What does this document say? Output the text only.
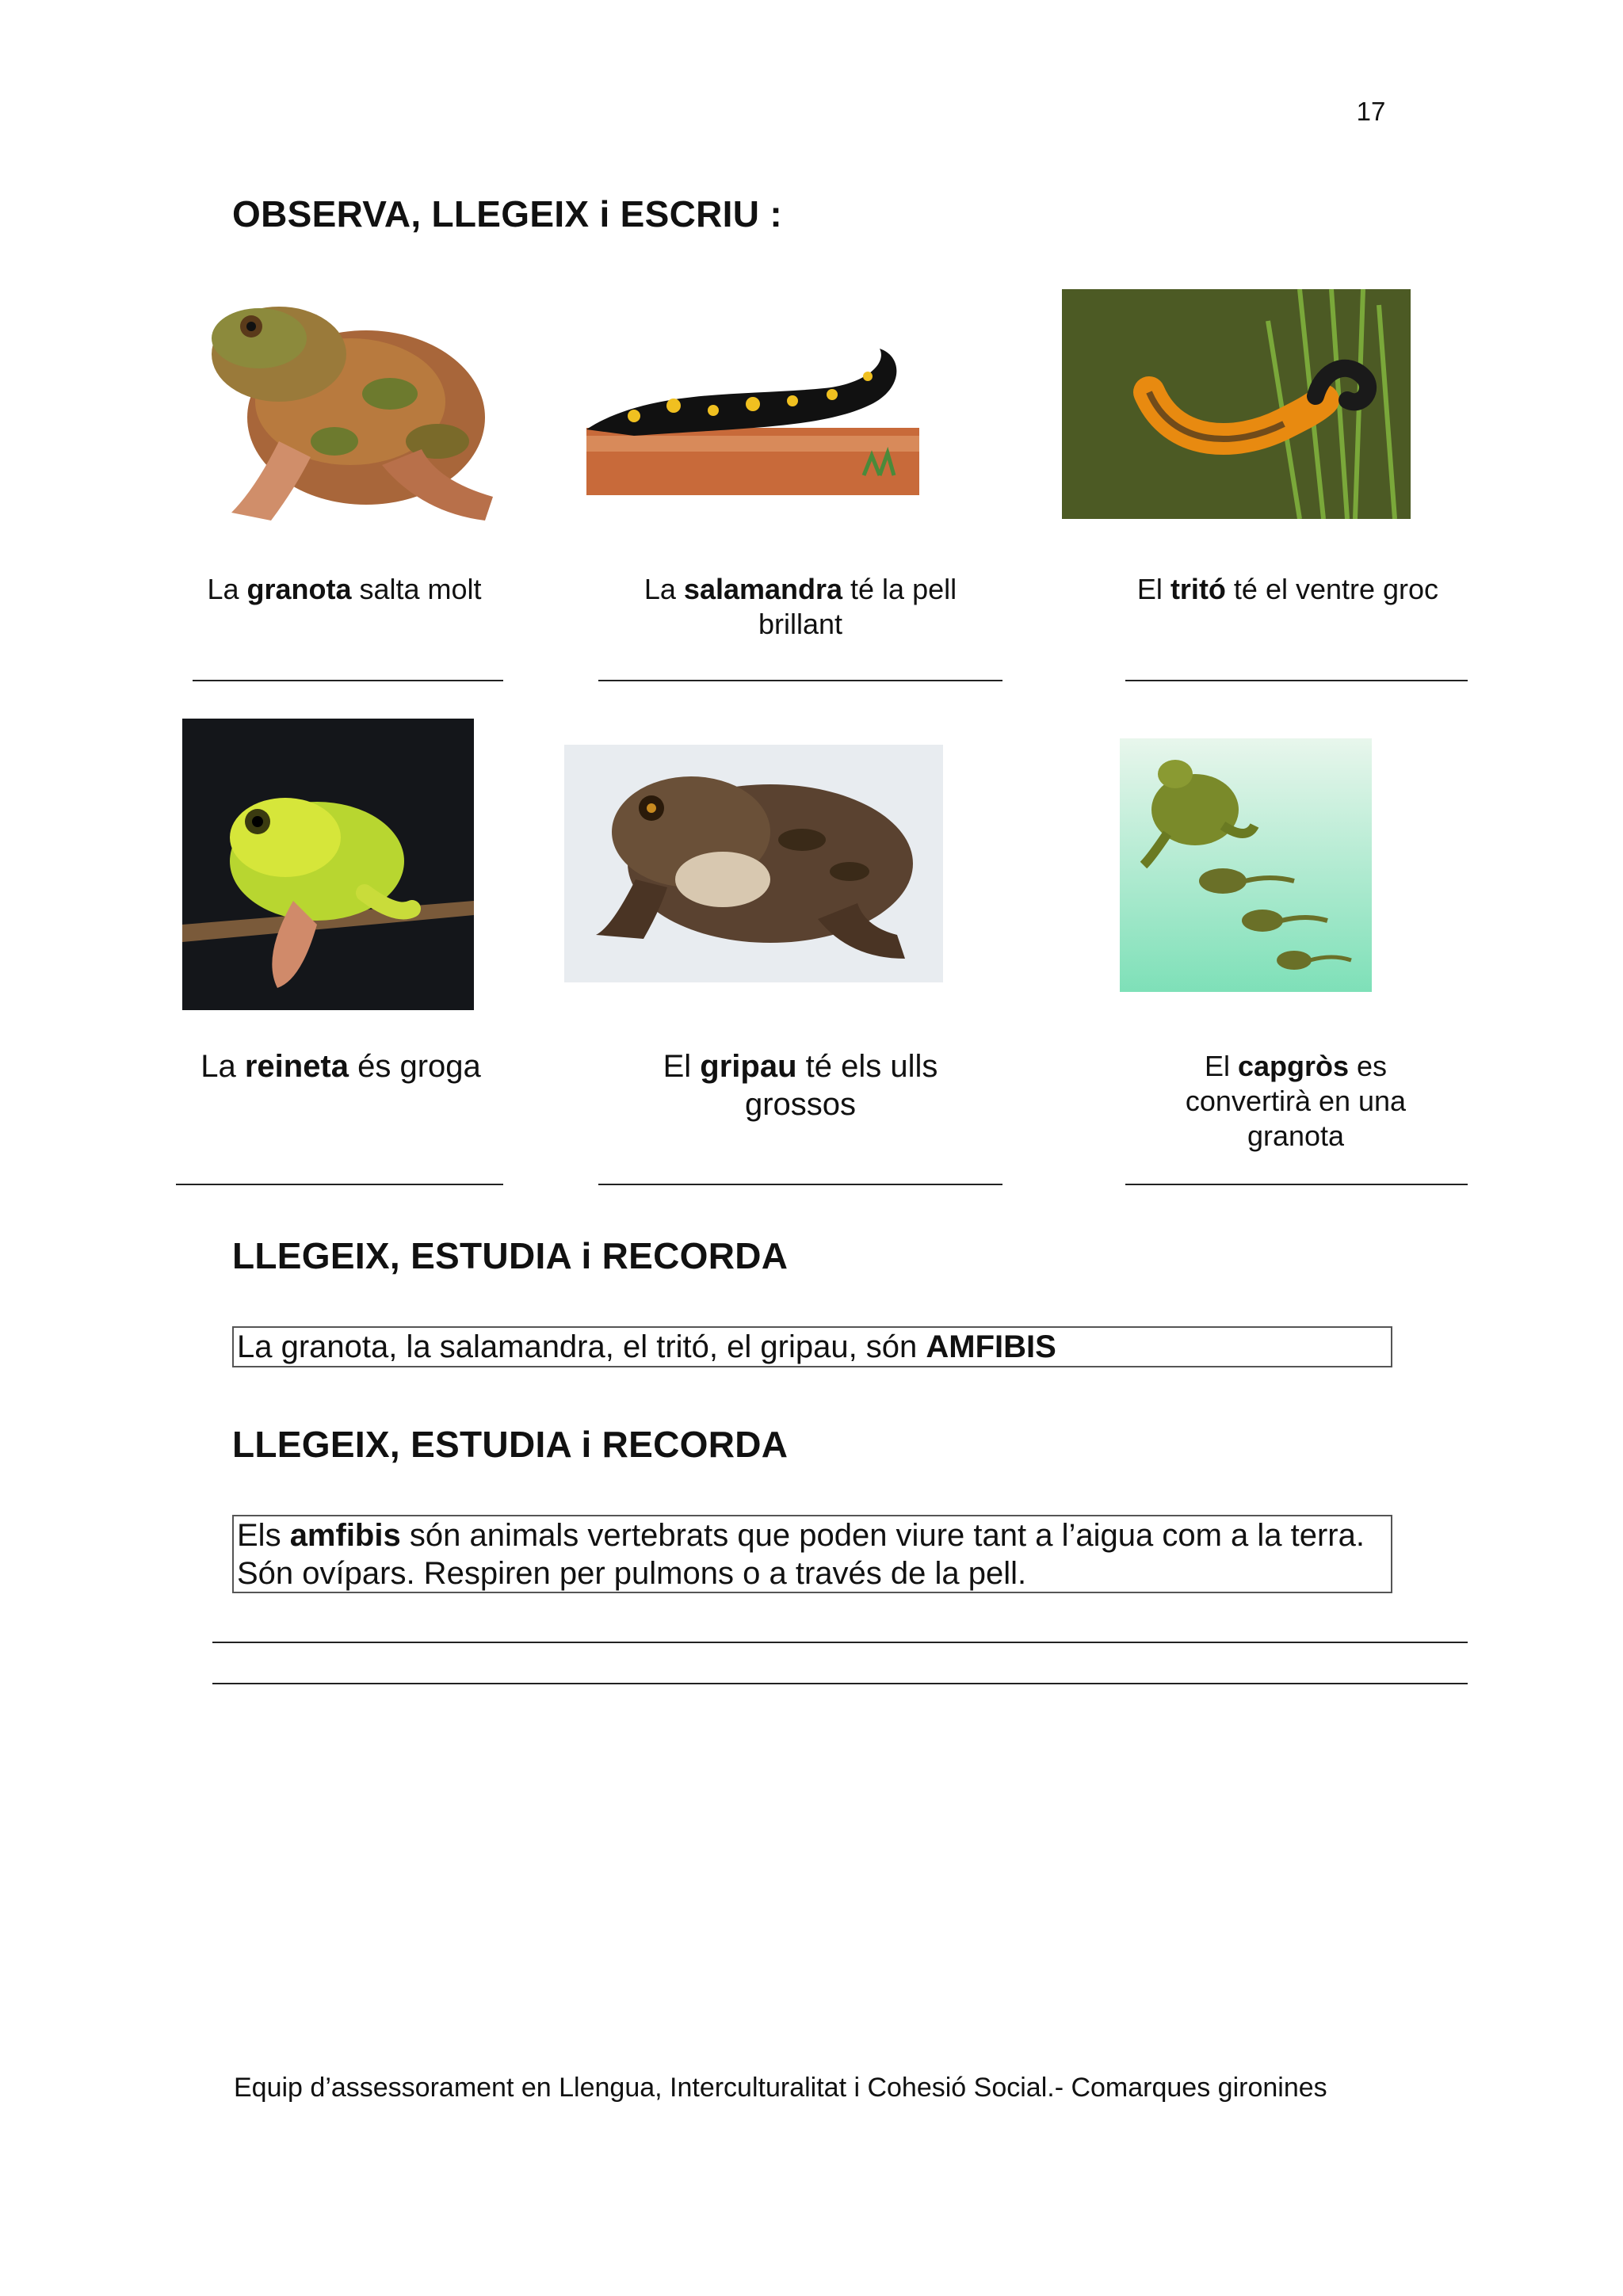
17
OBSERVA, LLEGEIX i ESCRIU :
La granota salta molt	La salamandra té la pell brillant
El tritó té el ventre groc
La reineta és groga	El gripau té els ulls grossos
El capgròs es convertirà en una granota
LLEGEIX, ESTUDIA i RECORDA
La granota, la salamandra, el tritó, el gripau, són AMFIBIS
LLEGEIX, ESTUDIA i RECORDA
Els amfibis són animals vertebrats que poden viure tant a l’aigua com a la terra. Són ovípars. Respiren per pulmons o a través de la pell.
Equip d’assessorament en Llengua, Interculturalitat i Cohesió Social.- Comarques gironines
